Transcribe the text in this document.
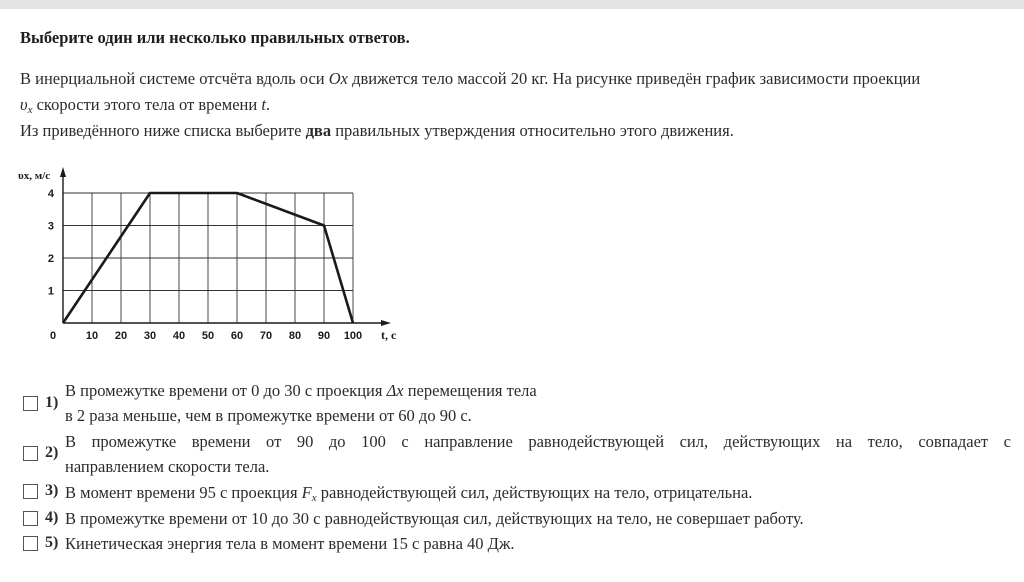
Выберите один или несколько правильных ответов.
В инерциальной системе отсчёта вдоль оси Ox движется тело массой 20 кг. На рисунке приведён график зависимости проекции
$\upsilon_x$ скорости этого тела от времени t.
Из приведённого ниже списка выберите два правильных утверждения относительно этого движения.
10 20 30 40 50 60 70 80 90 100
1
2
3
4
υx, м/с
t, с
0
1)
В промежутке времени от 0 до 30 с проекция Δx перемещения тела
в 2 раза меньше, чем в промежутке времени от 60 до 90 с.
2)
В промежутке времени от 90 до 100 с направление равнодействующей сил, действующих на тело, совпадает с
направлением скорости тела.
3) В момент времени 95 с проекция $F_x$ равнодействующей сил, действующих на тело, отрицательна.
4) В промежутке времени от 10 до 30 с равнодействующая сил, действующих на тело, не совершает работу.
5) Кинетическая энергия тела в момент времени 15 с равна 40 Дж.
